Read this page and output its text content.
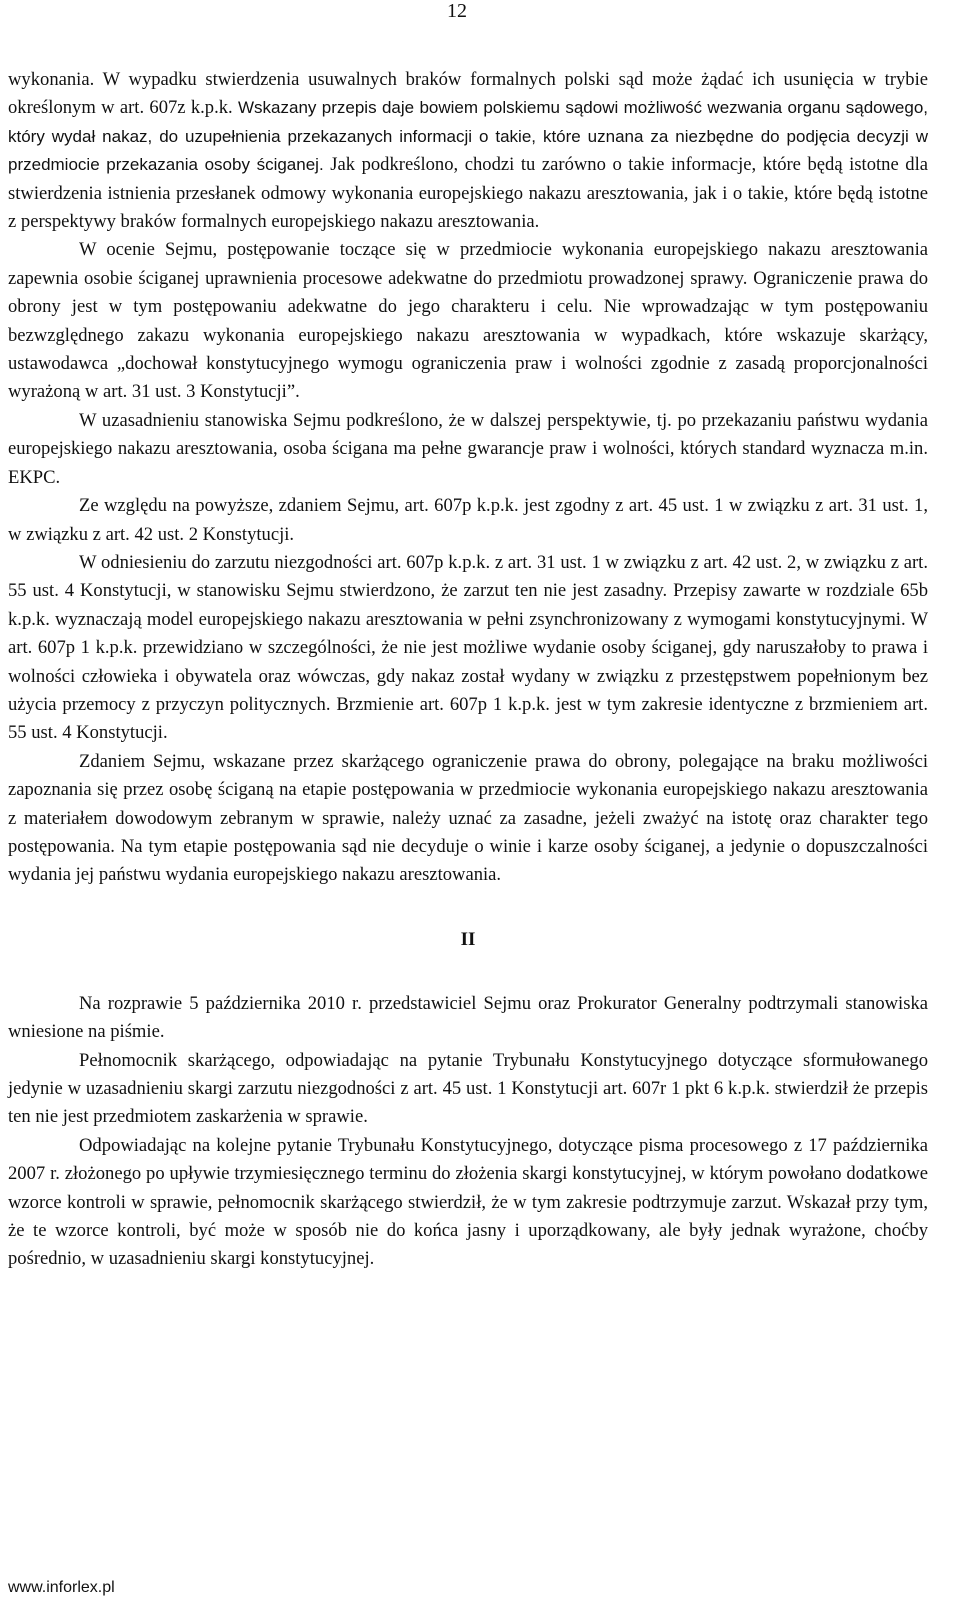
12

wykonania. W wypadku stwierdzenia usuwalnych braków formalnych polski sąd może żądać ich usunięcia w trybie określonym w art. 607z k.p.k. Wskazany przepis daje bowiem polskiemu sądowi możliwość wezwania organu sądowego, który wydał nakaz, do uzupełnienia przekazanych informacji o takie, które uznana za niezbędne do podjęcia decyzji w przedmiocie przekazania osoby ściganej. Jak podkreślono, chodzi tu zarówno o takie informacje, które będą istotne dla stwierdzenia istnienia przesłanek odmowy wykonania europejskiego nakazu aresztowania, jak i o takie, które będą istotne z perspektywy braków formalnych europejskiego nakazu aresztowania.

W ocenie Sejmu, postępowanie toczące się w przedmiocie wykonania europejskiego nakazu aresztowania zapewnia osobie ściganej uprawnienia procesowe adekwatne do przedmiotu prowadzonej sprawy. Ograniczenie prawa do obrony jest w tym postępowaniu adekwatne do jego charakteru i celu. Nie wprowadzając w tym postępowaniu bezwzględnego zakazu wykonania europejskiego nakazu aresztowania w wypadkach, które wskazuje skarżący, ustawodawca „dochował konstytucyjnego wymogu ograniczenia praw i wolności zgodnie z zasadą proporcjonalności wyrażoną w art. 31 ust. 3 Konstytucji”.

W uzasadnieniu stanowiska Sejmu podkreślono, że w dalszej perspektywie, tj. po przekazaniu państwu wydania europejskiego nakazu aresztowania, osoba ścigana ma pełne gwarancje praw i wolności, których standard wyznacza m.in. EKPC.

Ze względu na powyższe, zdaniem Sejmu, art. 607p k.p.k. jest zgodny z art. 45 ust. 1 w związku z art. 31 ust. 1, w związku z art. 42 ust. 2 Konstytucji.

W odniesieniu do zarzutu niezgodności art. 607p k.p.k. z art. 31 ust. 1 w związku z art. 42 ust. 2, w związku z art. 55 ust. 4 Konstytucji, w stanowisku Sejmu stwierdzono, że zarzut ten nie jest zasadny. Przepisy zawarte w rozdziale 65b k.p.k. wyznaczają model europejskiego nakazu aresztowania w pełni zsynchronizowany z wymogami konstytucyjnymi. W art. 607p 1 k.p.k. przewidziano w szczególności, że nie jest możliwe wydanie osoby ściganej, gdy naruszałoby to prawa i wolności człowieka i obywatela oraz wówczas, gdy nakaz został wydany w związku z przestępstwem popełnionym bez użycia przemocy z przyczyn politycznych. Brzmienie art. 607p 1 k.p.k. jest w tym zakresie identyczne z brzmieniem art. 55 ust. 4 Konstytucji.

Zdaniem Sejmu, wskazane przez skarżącego ograniczenie prawa do obrony, polegające na braku możliwości zapoznania się przez osobę ściganą na etapie postępowania w przedmiocie wykonania europejskiego nakazu aresztowania z materiałem dowodowym zebranym w sprawie, należy uznać za zasadne, jeżeli zważyć na istotę oraz charakter tego postępowania. Na tym etapie postępowania sąd nie decyduje o winie i karze osoby ściganej, a jedynie o dopuszczalności wydania jej państwu wydania europejskiego nakazu aresztowania.

II

Na rozprawie 5 października 2010 r. przedstawiciel Sejmu oraz Prokurator Generalny podtrzymali stanowiska wniesione na piśmie.

Pełnomocnik skarżącego, odpowiadając na pytanie Trybunału Konstytucyjnego dotyczące sformułowanego jedynie w uzasadnieniu skargi zarzutu niezgodności z art. 45 ust. 1 Konstytucji art. 607r 1 pkt 6 k.p.k. stwierdził że przepis ten nie jest przedmiotem zaskarżenia w sprawie.

Odpowiadając na kolejne pytanie Trybunału Konstytucyjnego, dotyczące pisma procesowego z 17 października 2007 r. złożonego po upływie trzymiesięcznego terminu do złożenia skargi konstytucyjnej, w którym powołano dodatkowe wzorce kontroli w sprawie, pełnomocnik skarżącego stwierdził, że w tym zakresie podtrzymuje zarzut. Wskazał przy tym, że te wzorce kontroli, być może w sposób nie do końca jasny i uporządkowany, ale były jednak wyrażone, choćby pośrednio, w uzasadnieniu skargi konstytucyjnej.

www.inforlex.pl
